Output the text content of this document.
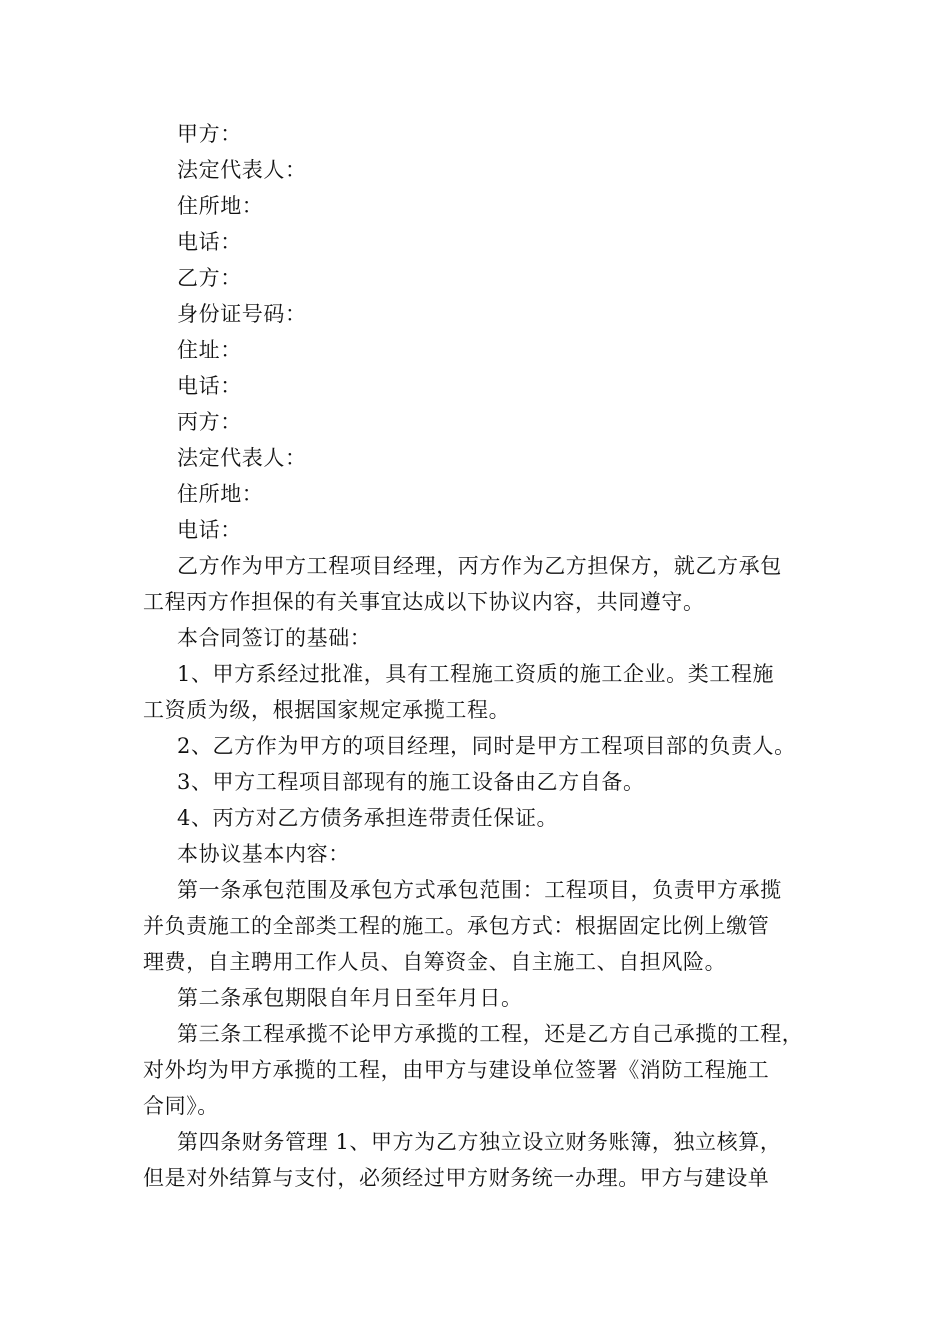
甲方：
法定代表人：
住所地：
电话：
乙方：
身份证号码：
住址：
电话：
丙方：
法定代表人：
住所地：
电话：
乙方作为甲方工程项目经理，丙方作为乙方担保方，就乙方承包
工程丙方作担保的有关事宜达成以下协议内容，共同遵守。
本合同签订的基础：
1、甲方系经过批准，具有工程施工资质的施工企业。类工程施
工资质为级，根据国家规定承揽工程。
2、乙方作为甲方的项目经理，同时是甲方工程项目部的负责人。
3、甲方工程项目部现有的施工设备由乙方自备。
4、丙方对乙方债务承担连带责任保证。
本协议基本内容：
第一条承包范围及承包方式承包范围：工程项目，负责甲方承揽
并负责施工的全部类工程的施工。承包方式：根据固定比例上缴管
理费，自主聘用工作人员、自筹资金、自主施工、自担风险。
第二条承包期限自年月日至年月日。
第三条工程承揽不论甲方承揽的工程，还是乙方自己承揽的工程，
对外均为甲方承揽的工程，由甲方与建设单位签署《消防工程施工
合同》。
第四条财务管理 1、甲方为乙方独立设立财务账簿，独立核算，
但是对外结算与支付，必须经过甲方财务统一办理。甲方与建设单
